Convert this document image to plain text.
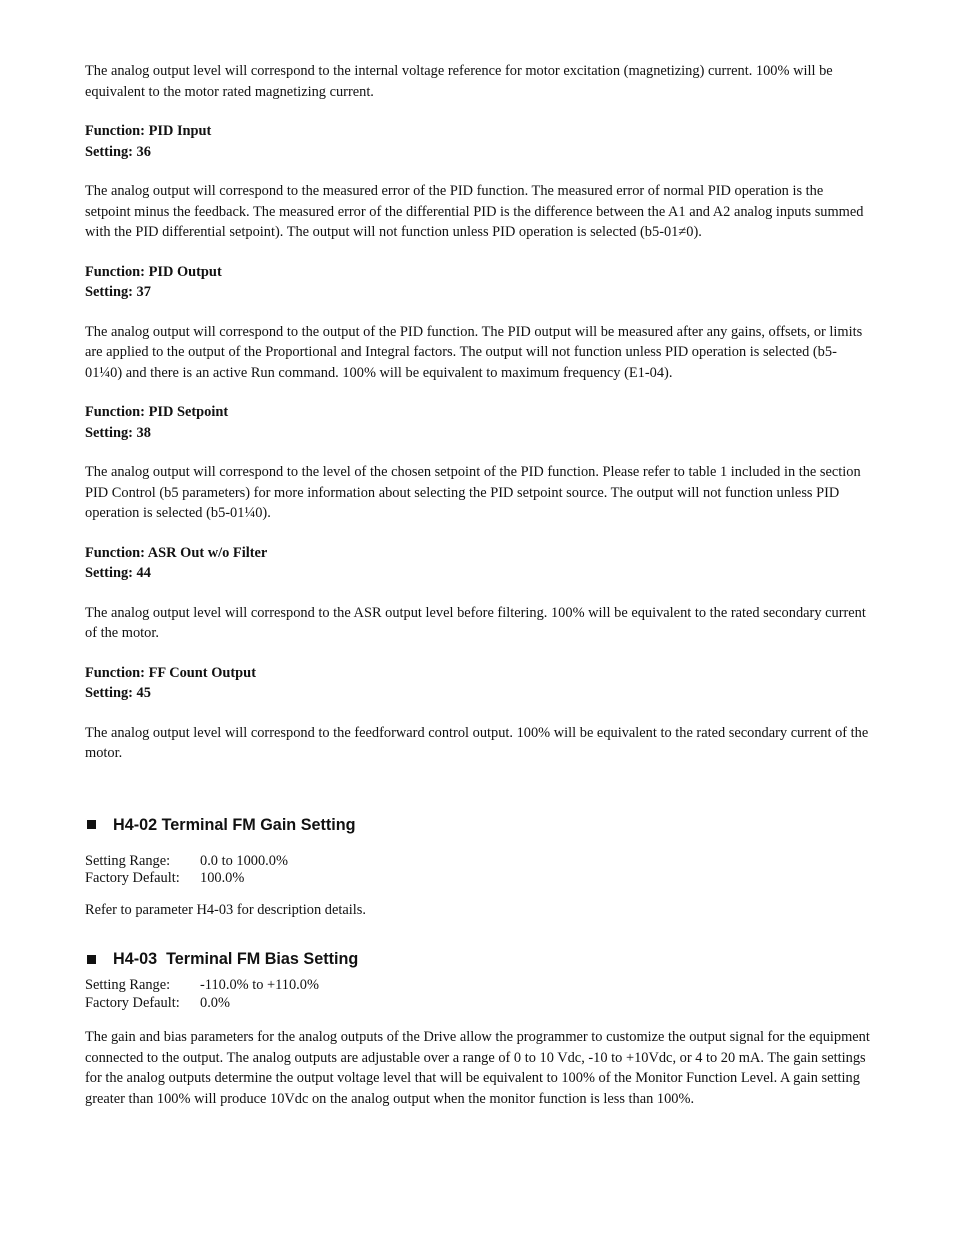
The analog output level will correspond to the internal voltage reference for motor excitation (magnetizing) current. 100% will be equivalent to the motor rated magnetizing current.

Function: PID Input

Setting: 36

The analog output will correspond to the measured error of the PID function. The measured error of normal PID operation is the setpoint minus the feedback. The measured error of the differential PID is the difference between the A1 and A2 analog inputs summed with the PID differential setpoint). The output will not function unless PID operation is selected (b5-01≠0).

Function: PID Output

Setting: 37

The analog output will correspond to the output of the PID function. The PID output will be measured after any gains, offsets, or limits are applied to the output of the Proportional and Integral factors. The output will not function unless PID operation is selected (b5-01¼0) and there is an active Run command. 100% will be equivalent to maximum frequency (E1-04).

Function: PID Setpoint

Setting: 38

The analog output will correspond to the level of the chosen setpoint of the PID function. Please refer to table 1 included in the section PID Control (b5 parameters) for more information about selecting the PID setpoint source. The output will not function unless PID operation is selected (b5-01¼0).

Function: ASR Out w/o Filter

Setting: 44

The analog output level will correspond to the ASR output level before filtering. 100% will be equivalent to the rated secondary current of the motor.

Function: FF Count Output

Setting: 45

The analog output level will correspond to the feedforward control output. 100% will be equivalent to the rated secondary current of the motor.

H4-02 Terminal FM Gain Setting
Setting Range:	0.0 to 1000.0%
Factory Default:	100.0%

Refer to parameter H4-03 for description details.

H4-03  Terminal FM Bias Setting
Setting Range:	-110.0% to +110.0%
Factory Default:	0.0%

The gain and bias parameters for the analog outputs of the Drive allow the programmer to customize the output signal for the equipment connected to the output. The analog outputs are adjustable over a range of 0 to 10 Vdc, -10 to +10Vdc, or 4 to 20 mA. The gain settings for the analog outputs determine the output voltage level that will be equivalent to 100% of the Monitor Function Level. A gain setting greater than 100% will produce 10Vdc on the analog output when the monitor function is less than 100%.
